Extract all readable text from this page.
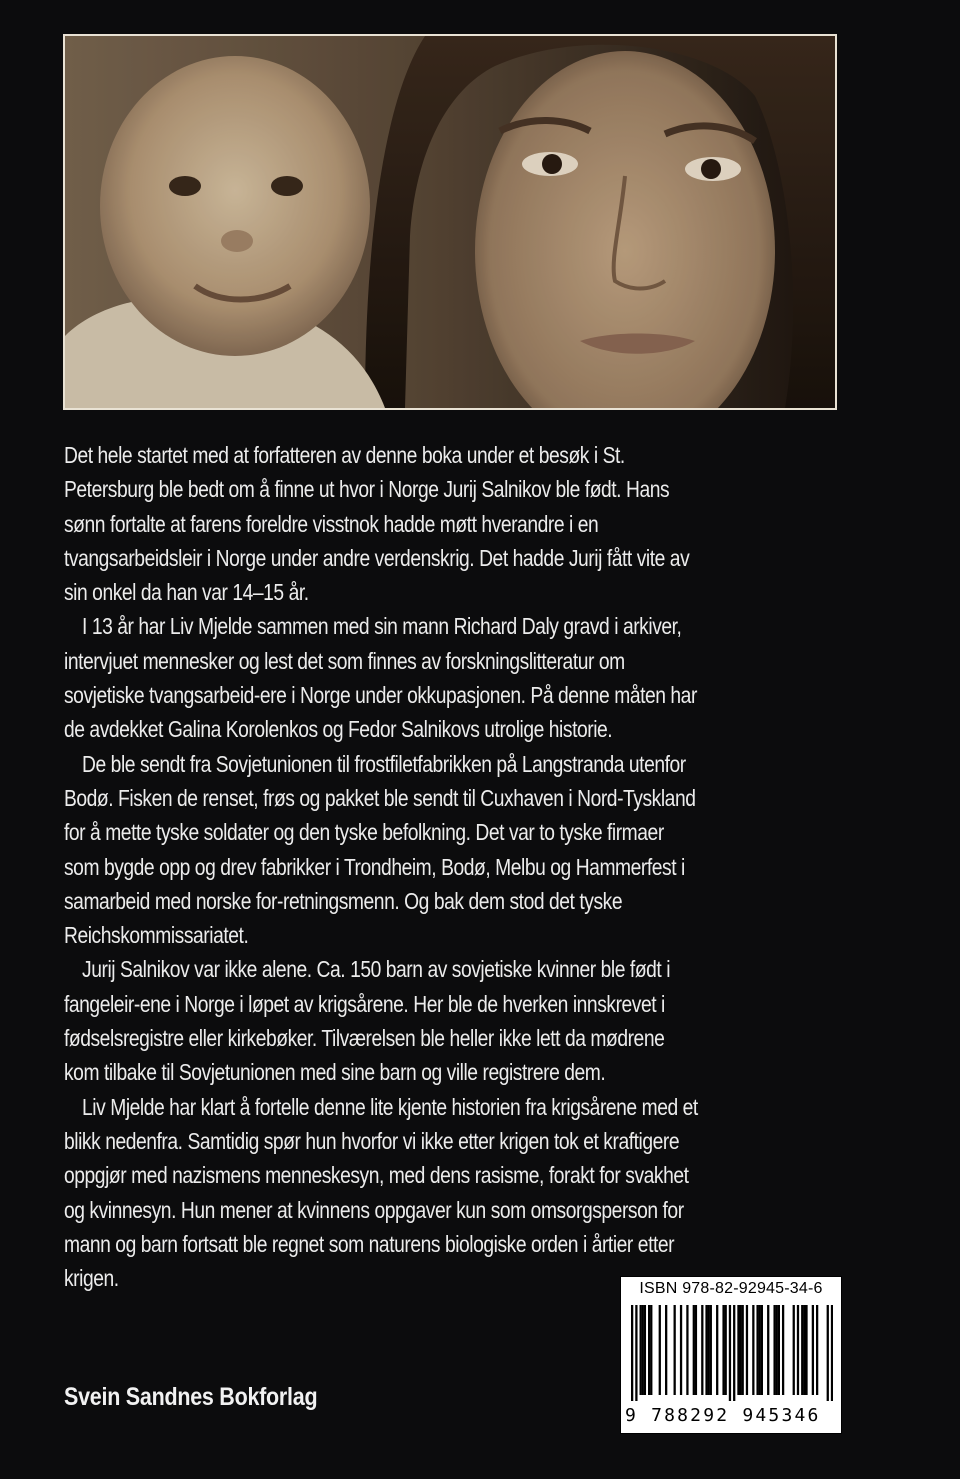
Det hele startet med at forfatteren av denne boka under et besøk i St. Petersburg ble bedt om å finne ut hvor i Norge Jurij Salnikov ble født. Hans sønn fortalte at farens foreldre visstnok hadde møtt hverandre i en tvangsarbeidsleir i Norge under andre verdenskrig. Det hadde Jurij fått vite av sin onkel da han var 14–15 år.

I 13 år har Liv Mjelde sammen med sin mann Richard Daly gravd i arkiver, intervjuet mennesker og lest det som finnes av forskningslitteratur om sovjetiske tvangsarbeid-ere i Norge under okkupasjonen. På denne måten har de avdekket Galina Korolenkos og Fedor Salnikovs utrolige historie.

De ble sendt fra Sovjetunionen til frostfiletfabrikken på Langstranda utenfor Bodø. Fisken de renset, frøs og pakket ble sendt til Cuxhaven i Nord-Tyskland for å mette tyske soldater og den tyske befolkning. Det var to tyske firmaer som bygde opp og drev fabrikker i Trondheim, Bodø, Melbu og Hammerfest i samarbeid med norske for-retningsmenn. Og bak dem stod det tyske Reichskommissariatet.

Jurij Salnikov var ikke alene. Ca. 150 barn av sovjetiske kvinner ble født i fangeleir-ene i Norge i løpet av krigsårene. Her ble de hverken innskrevet i fødselsregistre eller kirkebøker. Tilværelsen ble heller ikke lett da mødrene kom tilbake til Sovjetunionen med sine barn og ville registrere dem.

Liv Mjelde har klart å fortelle denne lite kjente historien fra krigsårene med et blikk nedenfra. Samtidig spør hun hvorfor vi ikke etter krigen tok et kraftigere oppgjør med nazismens menneskesyn, med dens rasisme, forakt for svakhet og kvinnesyn. Hun mener at kvinnens oppgaver kun som omsorgsperson for mann og barn fortsatt ble regnet som naturens biologiske orden i årtier etter krigen.	ISBN 978-82-92945-34-6
9 788292 945346
Svein Sandnes Bokforlag
